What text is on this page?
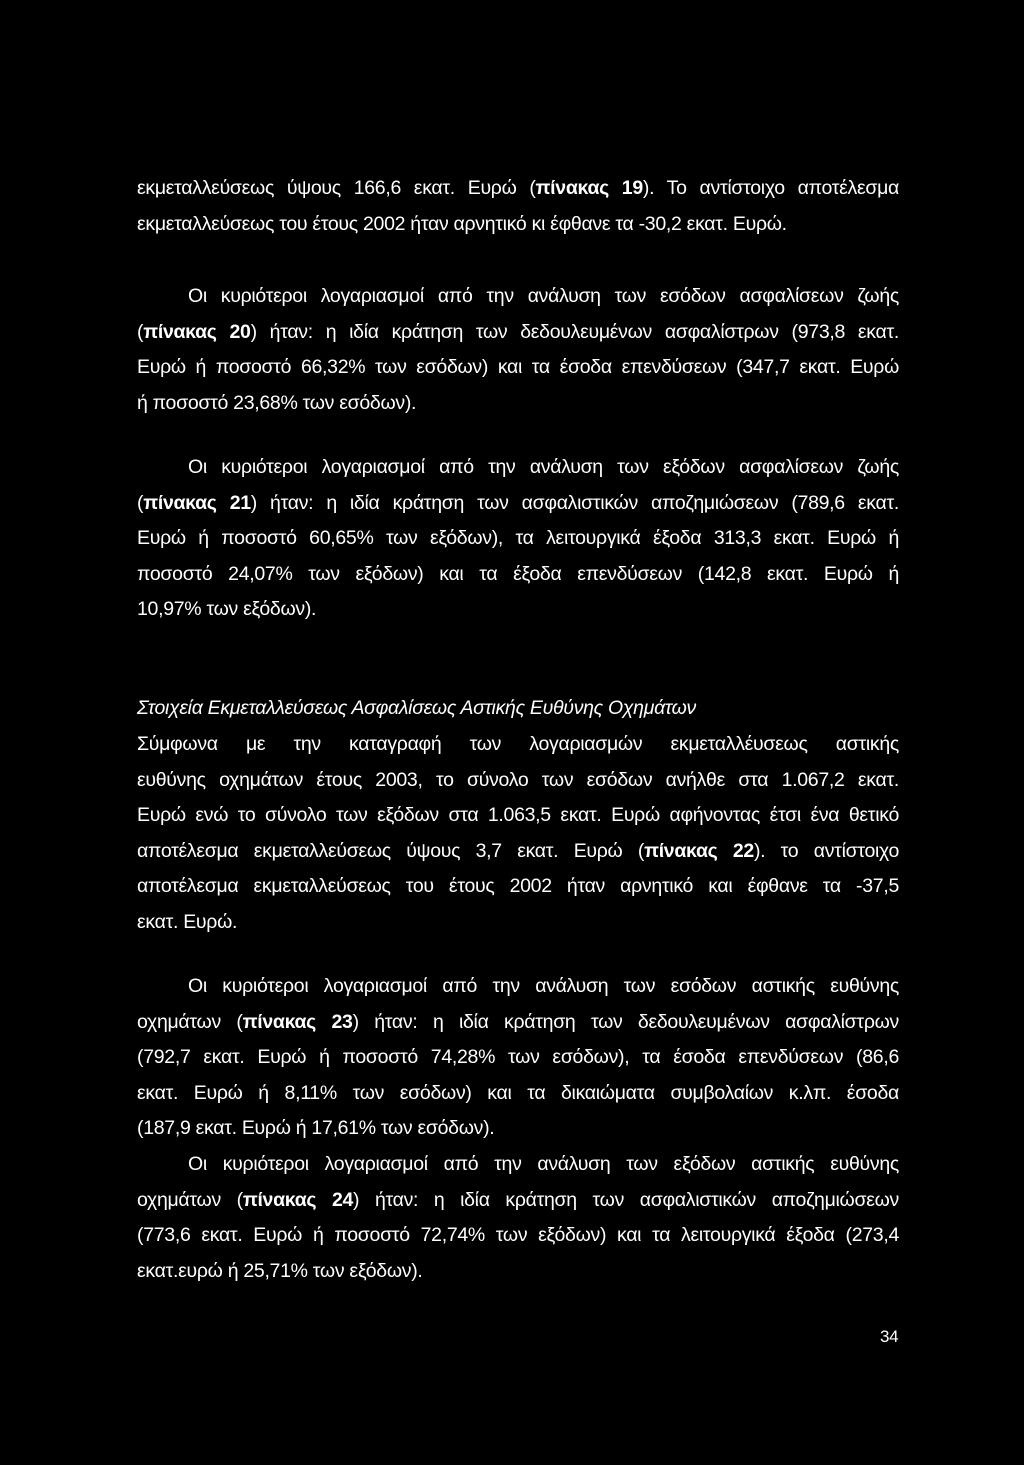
εκμεταλλεύσεως ύψους 166,6 εκατ. Ευρώ (πίνακας 19). Το αντίστοιχο αποτέλεσμα
εκμεταλλεύσεως του έτους 2002 ήταν αρνητικό κι έφθανε τα -30,2 εκατ. Ευρώ.
Οι κυριότεροι λογαριασμοί από την ανάλυση των εσόδων ασφαλίσεων ζωής
(πίνακας 20) ήταν: η ιδία κράτηση των δεδουλευμένων ασφαλίστρων (973,8 εκατ.
Ευρώ ή ποσοστό 66,32% των εσόδων) και τα έσοδα επενδύσεων (347,7 εκατ. Ευρώ
ή ποσοστό 23,68% των εσόδων).
Οι κυριότεροι λογαριασμοί από την ανάλυση των εξόδων ασφαλίσεων ζωής
(πίνακας 21) ήταν: η ιδία κράτηση των ασφαλιστικών αποζημιώσεων (789,6 εκατ.
Ευρώ ή ποσοστό 60,65% των εξόδων), τα λειτουργικά έξοδα 313,3 εκατ. Ευρώ ή
ποσοστό 24,07% των εξόδων) και τα έξοδα επενδύσεων (142,8 εκατ. Ευρώ ή
10,97% των εξόδων).
Στοιχεία Εκμεταλλεύσεως Ασφαλίσεως Αστικής Ευθύνης Οχημάτων
Σύμφωνα με την καταγραφή των λογαριασμών εκμεταλλέυσεως αστικής
ευθύνης οχημάτων έτους 2003, το σύνολο των εσόδων ανήλθε στα 1.067,2 εκατ.
Ευρώ ενώ το σύνολο των εξόδων στα 1.063,5 εκατ. Ευρώ αφήνοντας έτσι ένα θετικό
αποτέλεσμα εκμεταλλεύσεως ύψους 3,7 εκατ. Ευρώ (πίνακας 22). το αντίστοιχο
αποτέλεσμα εκμεταλλεύσεως του έτους 2002 ήταν αρνητικό και έφθανε τα -37,5
εκατ. Ευρώ.
Οι κυριότεροι λογαριασμοί από την ανάλυση των εσόδων αστικής ευθύνης
οχημάτων (πίνακας 23) ήταν: η ιδία κράτηση των δεδουλευμένων ασφαλίστρων
(792,7 εκατ. Ευρώ ή ποσοστό 74,28% των εσόδων), τα έσοδα επενδύσεων (86,6
εκατ. Ευρώ ή 8,11% των εσόδων) και τα δικαιώματα συμβολαίων κ.λπ. έσοδα
(187,9 εκατ. Ευρώ ή 17,61% των εσόδων).
Οι κυριότεροι λογαριασμοί από την ανάλυση των εξόδων αστικής ευθύνης
οχημάτων (πίνακας 24) ήταν: η ιδία κράτηση των ασφαλιστικών αποζημιώσεων
(773,6 εκατ. Ευρώ ή ποσοστό 72,74% των εξόδων) και τα λειτουργικά έξοδα (273,4
εκατ.ευρώ ή 25,71% των εξόδων).
34
